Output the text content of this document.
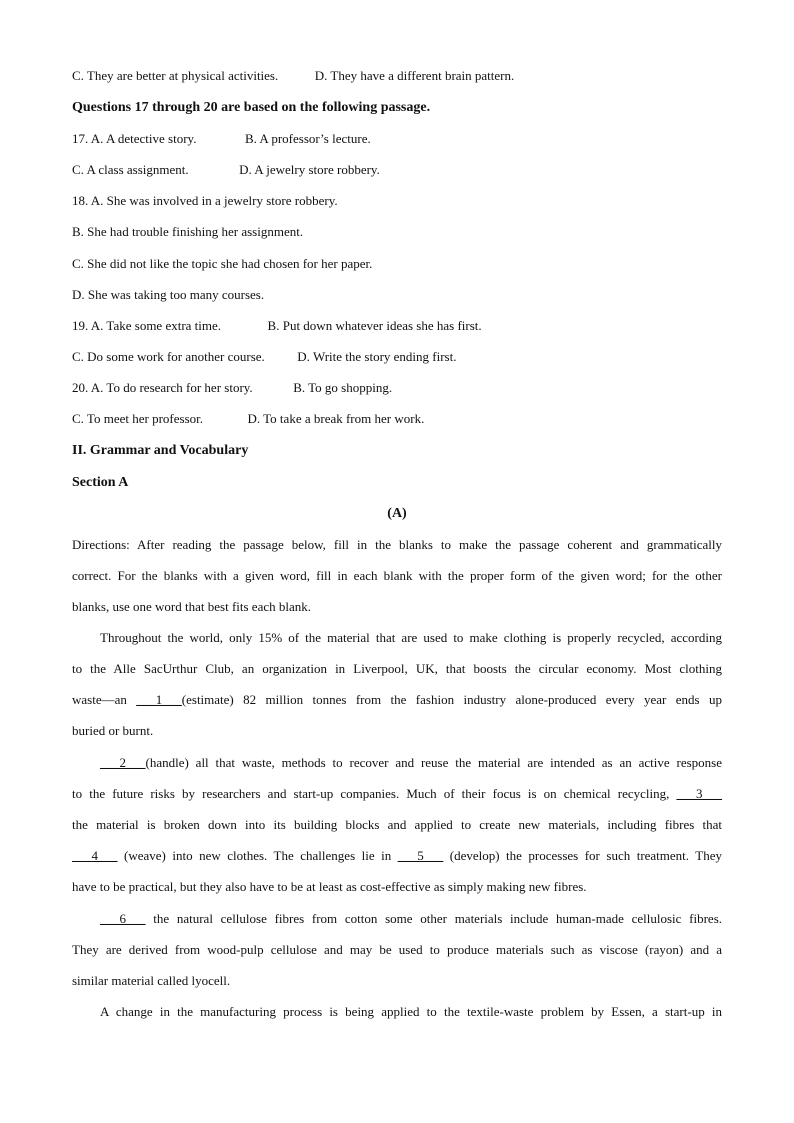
C. They are better at physical activities.	D. They have a different brain pattern.
Questions 17 through 20 are based on the following passage.
17. A. A detective story.	B. A professor’s lecture.
C. A class assignment.	D. A jewelry store robbery.
18. A. She was involved in a jewelry store robbery.
B. She had trouble finishing her assignment.
C. She did not like the topic she had chosen for her paper.
D. She was taking too many courses.
19. A. Take some extra time.	B. Put down whatever ideas she has first.
C. Do some work for another course.	D. Write the story ending first.
20. A. To do research for her story.	B. To go shopping.
C. To meet her professor.	D. To take a break from her work.
II. Grammar and Vocabulary
Section A
(A)
Directions: After reading the passage below, fill in the blanks to make the passage coherent and grammatically
correct. For the blanks with a given word, fill in each blank with the proper form of the given word; for the other
blanks, use one word that best fits each blank.
Throughout the world, only 15% of the material that are used to make clothing is properly recycled, according
to the Alle SacUrthur Club, an organization in Liverpool, UK, that boosts the circular economy. Most clothing
waste—an ___1___(estimate) 82 million tonnes from the fashion industry alone-produced every year ends up
buried or burnt.
___2___(handle) all that waste, methods to recover and reuse the material are intended as an active response
to the future risks by researchers and start-up companies. Much of their focus is on chemical recycling, ___3___
the material is broken down into its building blocks and applied to create new materials, including fibres that
___4___ (weave) into new clothes. The challenges lie in ___5___ (develop) the processes for such treatment. They
have to be practical, but they also have to be at least as cost-effective as simply making new fibres.
___6___ the natural cellulose fibres from cotton some other materials include human-made cellulosic fibres.
They are derived from wood-pulp cellulose and may be used to produce materials such as viscose (rayon) and a
similar material called lyocell.
A change in the manufacturing process is being applied to the textile-waste problem by Essen, a start-up in
